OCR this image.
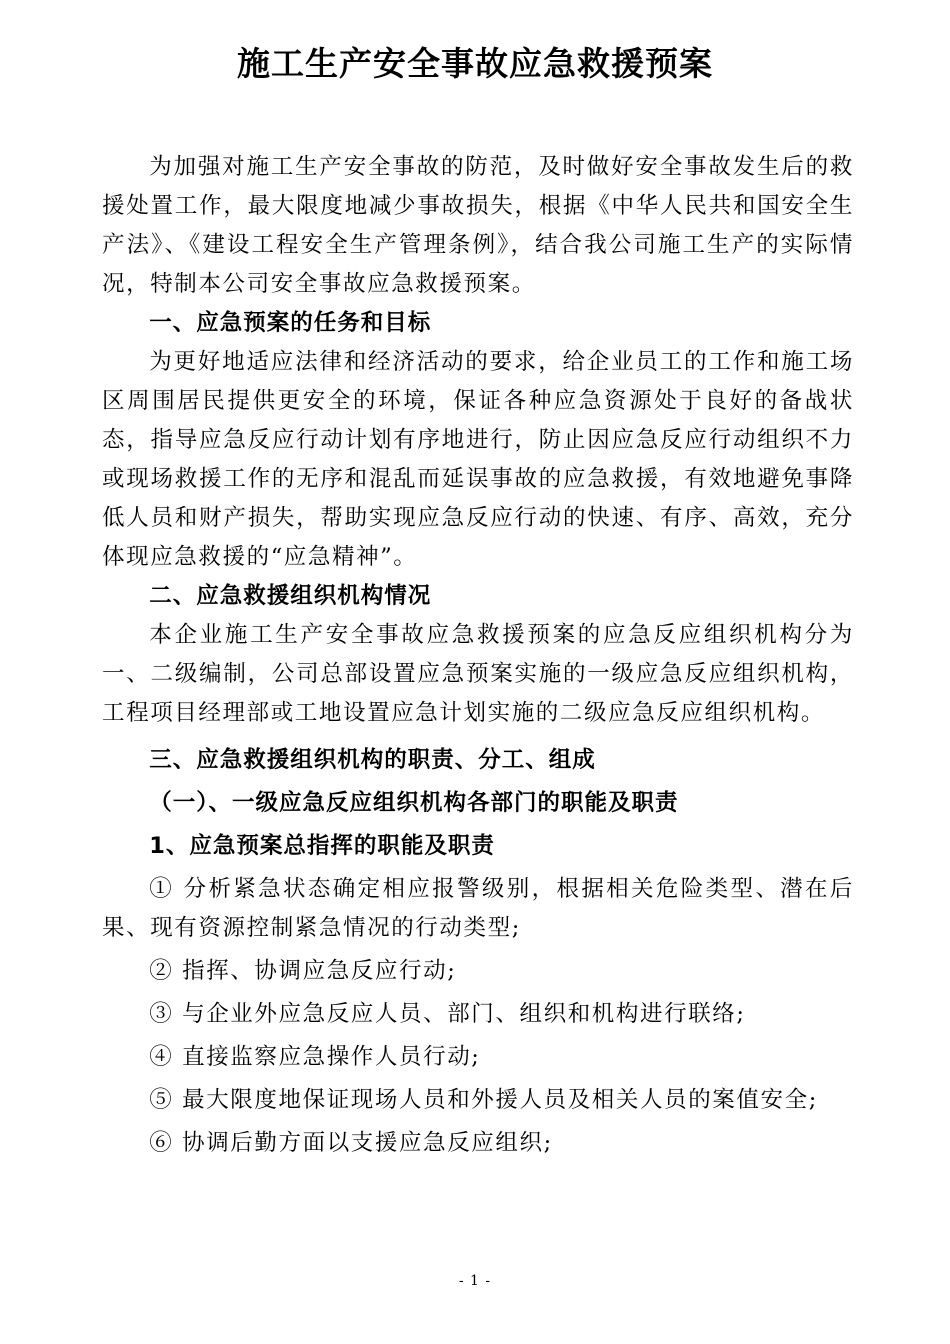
施工生产安全事故应急救援预案

为加强对施工生产安全事故的防范，及时做好安全事故发生后的救援处置工作，最大限度地减少事故损失，根据《中华人民共和国安全生产法》、《建设工程安全生产管理条例》，结合我公司施工生产的实际情况，特制本公司安全事故应急救援预案。

一、应急预案的任务和目标

为更好地适应法律和经济活动的要求，给企业员工的工作和施工场区周围居民提供更安全的环境，保证各种应急资源处于良好的备战状态，指导应急反应行动计划有序地进行，防止因应急反应行动组织不力或现场救援工作的无序和混乱而延误事故的应急救援，有效地避免事降低人员和财产损失，帮助实现应急反应行动的快速、有序、高效，充分体现应急救援的“应急精神”。

二、应急救援组织机构情况

本企业施工生产安全事故应急救援预案的应急反应组织机构分为一、二级编制，公司总部设置应急预案实施的一级应急反应组织机构，工程项目经理部或工地设置应急计划实施的二级应急反应组织机构。

三、应急救援组织机构的职责、分工、组成

（一）、一级应急反应组织机构各部门的职能及职责

1、应急预案总指挥的职能及职责

① 分析紧急状态确定相应报警级别，根据相关危险类型、潜在后果、现有资源控制紧急情况的行动类型;

② 指挥、协调应急反应行动;

③ 与企业外应急反应人员、部门、组织和机构进行联络;

④ 直接监察应急操作人员行动;

⑤ 最大限度地保证现场人员和外援人员及相关人员的案值安全;

⑥ 协调后勤方面以支援应急反应组织;

- 1 -
